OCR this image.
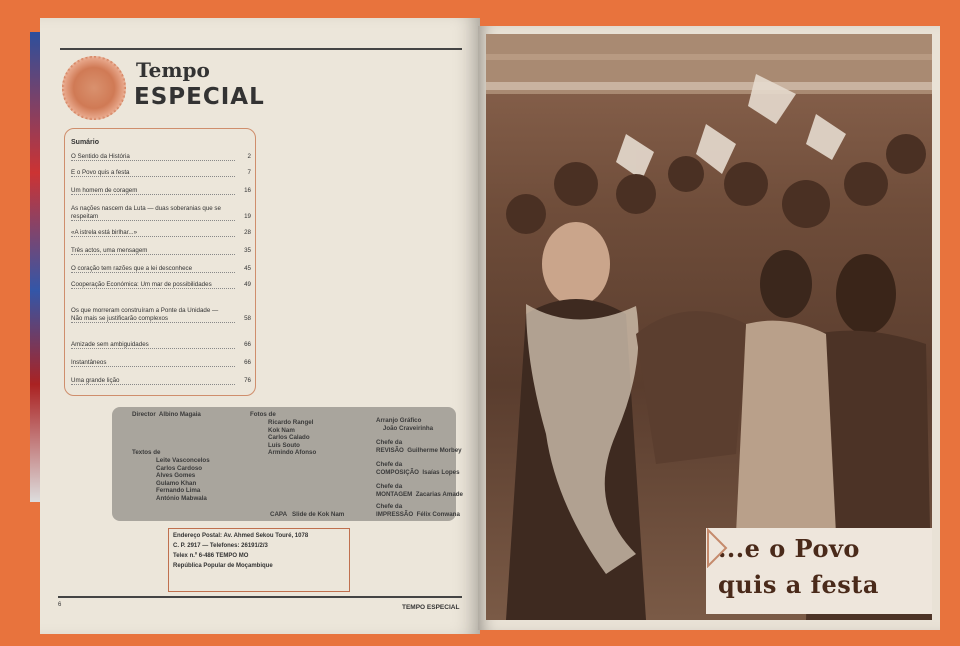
Tempo
ESPECIAL
Sumário
O Sentido da História	2
E o Povo quis a festa	7
Um homem de coragem	16
As nações nascem da Luta — duas soberanias que se respeitam	19
«A istrela está birlhar...»	28
Três actos, uma mensagem	35
O coração tem razões que a lei desconhece	45
Cooperação Económica: Um mar de possibilidades	49
Os que morreram construíram a Ponte da Unidade — Não mais se justificarão complexos	58
Amizade sem ambiguidades	66
Instantâneos	66
Uma grande lição	76
Director  Albino Magaia
Textos de
Leite Vasconcelos
Carlos Cardoso
Alves Gomes
Gulamo Khan
Fernando Lima
António Mabwala
Fotos de
Ricardo Rangel
Kok Nam
Carlos Calado
Luís Souto
Armindo Afonso
CAPA   Slide de Kok Nam
Arranjo Gráfico
João Craveirinha
Chefe da
REVISÃO  Guilherme Morbey
Chefe da
COMPOSIÇÃO  Isaías Lopes
Chefe da
MONTAGEM  Zacarias Amade
Chefe da
IMPRESSÃO  Félix Conwana
Endereço Postal: Av. Ahmed Sekou Touré, 1078
C. P. 2917 — Telefones: 26191/2/3
Telex n.º 6-486 TEMPO MO
República Popular de Moçambique
6	TEMPO ESPECIAL
...e o Povo
quis a festa
